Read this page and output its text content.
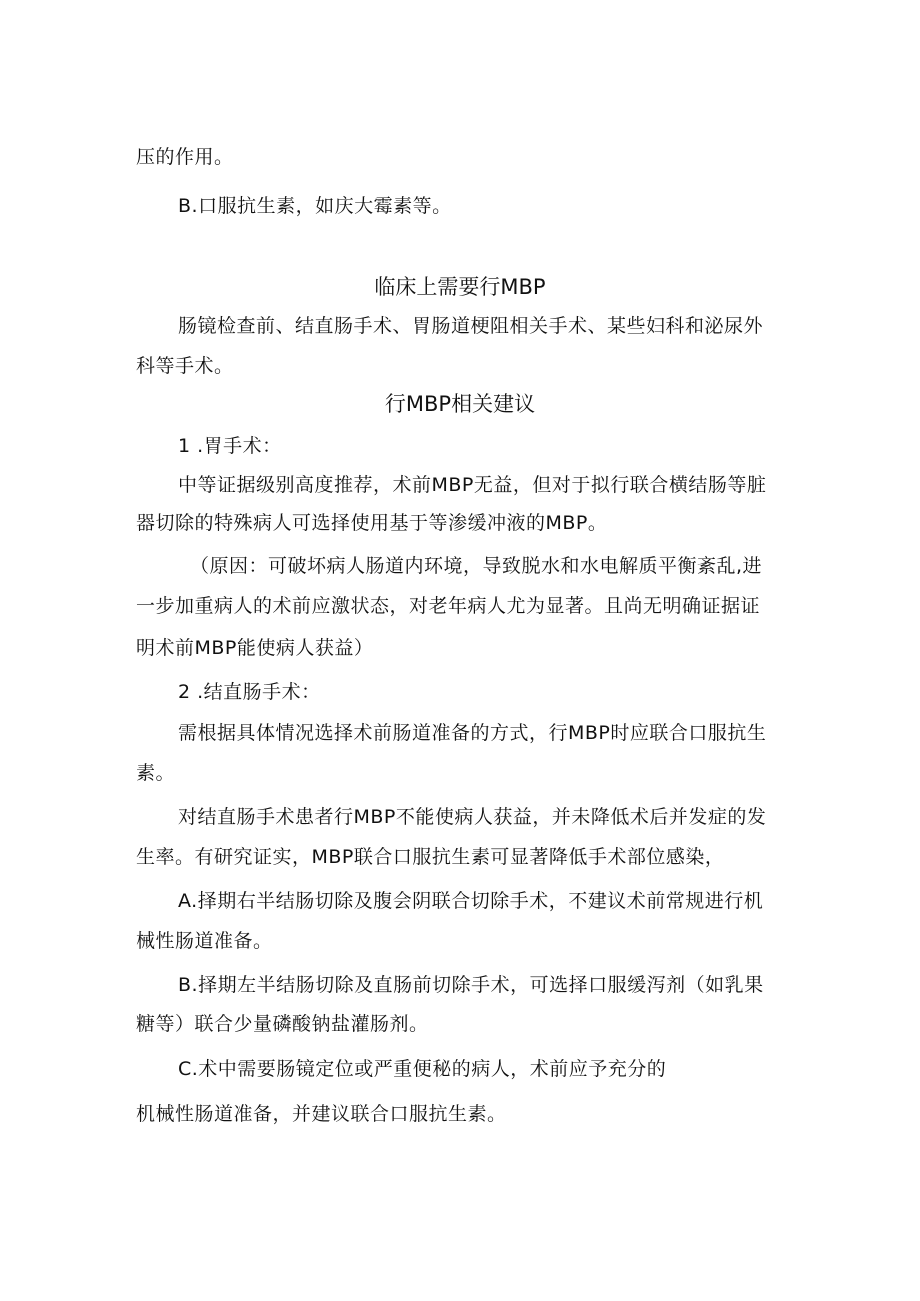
压的作用。

B.口服抗生素，如庆大霉素等。

临床上需要行MBP

肠镜检查前、结直肠手术、胃肠道梗阻相关手术、某些妇科和泌尿外

科等手术。

行MBP相关建议

1 .胃手术：

中等证据级别高度推荐，术前MBP无益，但对于拟行联合横结肠等脏

器切除的特殊病人可选择使用基于等渗缓冲液的MBP。

（原因：可破坏病人肠道内环境，导致脱水和水电解质平衡紊乱,进

一步加重病人的术前应激状态，对老年病人尤为显著。且尚无明确证据证

明术前MBP能使病人获益）

2 .结直肠手术：

需根据具体情况选择术前肠道准备的方式，行MBP时应联合口服抗生

素。

对结直肠手术患者行MBP不能使病人获益，并未降低术后并发症的发

生率。有研究证实，MBP联合口服抗生素可显著降低手术部位感染，

A.择期右半结肠切除及腹会阴联合切除手术，不建议术前常规进行机

械性肠道准备。

B.择期左半结肠切除及直肠前切除手术，可选择口服缓泻剂（如乳果

糖等）联合少量磷酸钠盐灌肠剂。

C.术中需要肠镜定位或严重便秘的病人，术前应予充分的

机械性肠道准备，并建议联合口服抗生素。
